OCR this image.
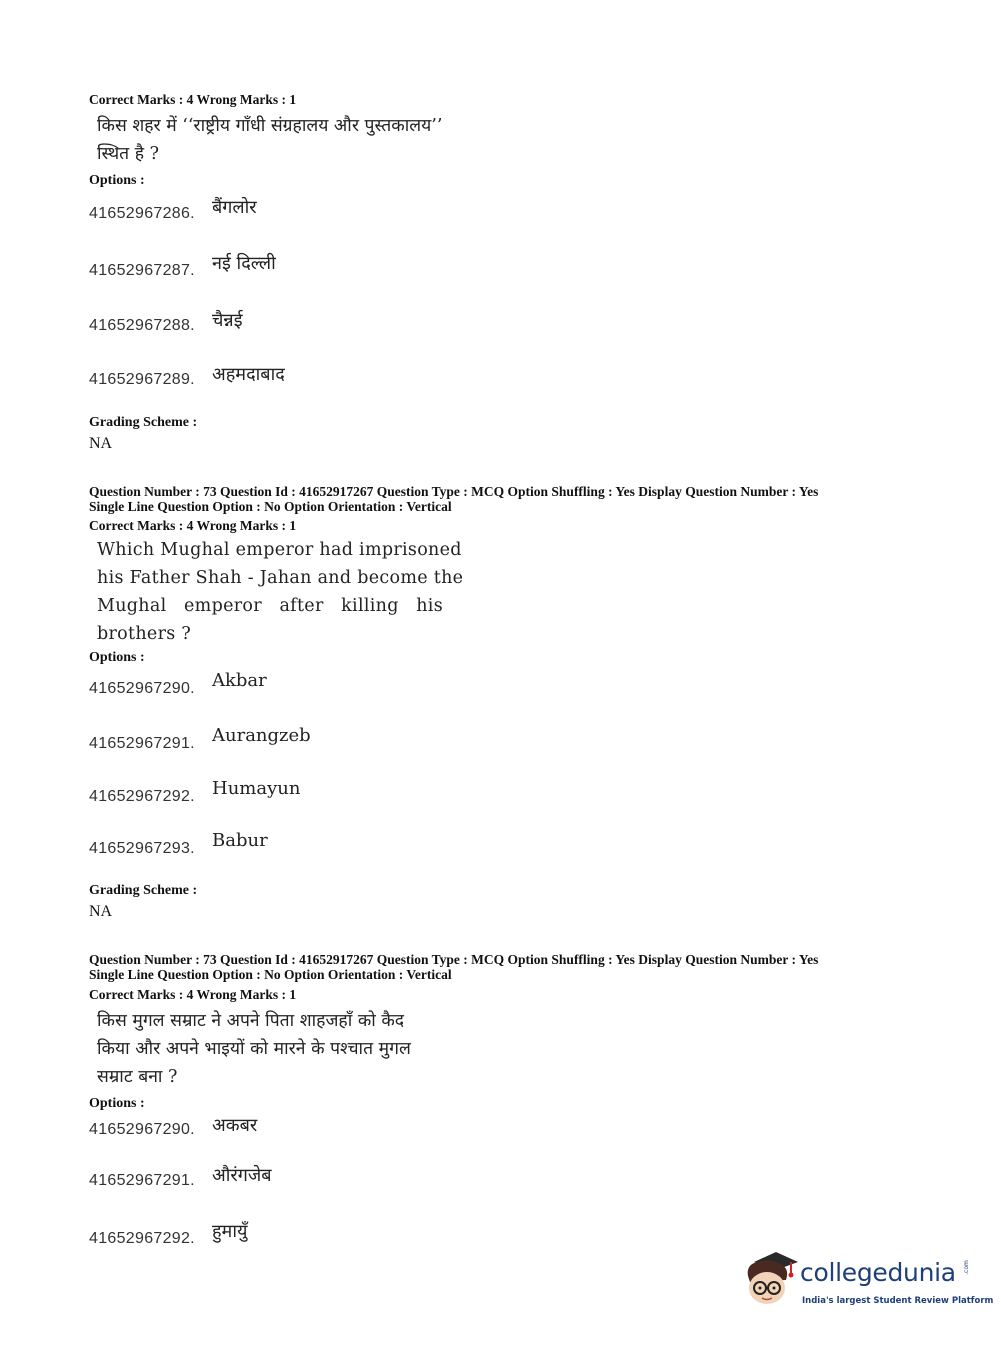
Correct Marks : 4 Wrong Marks : 1
किस शहर में ‘‘राष्ट्रीय गाँधी संग्रहालय और पुस्तकालय’’
स्थित है ?
Options :
41652967286. बैंगलोर
41652967287. नई दिल्ली
41652967288. चैन्नई
41652967289. अहमदाबाद
Grading Scheme :
NA
Question Number : 73 Question Id : 41652917267 Question Type : MCQ Option Shuffling : Yes Display Question Number : Yes
Single Line Question Option : No Option Orientation : Vertical
Correct Marks : 4 Wrong Marks : 1
Which Mughal emperor had imprisoned
his Father Shah - Jahan and become the
Mughal emperor after killing his
brothers ?
Options :
41652967290. Akbar
41652967291. Aurangzeb
41652967292. Humayun
41652967293. Babur
Grading Scheme :
NA
Question Number : 73 Question Id : 41652917267 Question Type : MCQ Option Shuffling : Yes Display Question Number : Yes
Single Line Question Option : No Option Orientation : Vertical
Correct Marks : 4 Wrong Marks : 1
किस मुगल सम्राट ने अपने पिता शाहजहाँ को कैद
किया और अपने भाइयों को मारने के पश्चात मुगल
सम्राट बना ?
Options :
41652967290. अकबर
41652967291. औरंगजेब
41652967292. हुमायुँ
collegedunia .com
India's largest Student Review Platform
